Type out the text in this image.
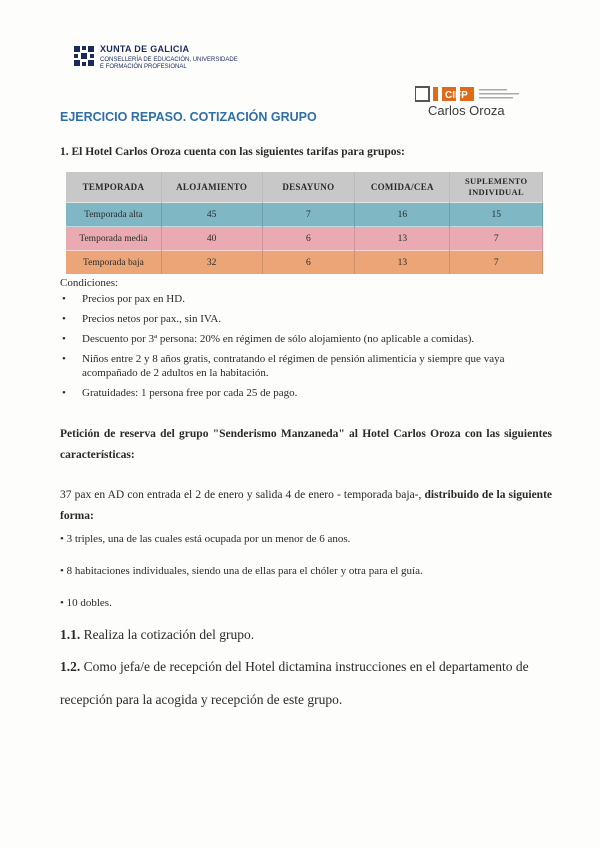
XUNTA DE GALICIA
CONSELLERÍA DE EDUCACIÓN, UNIVERSIDADE
E FORMACIÓN PROFESIONAL
CIFP
Carlos Oroza
EJERCICIO REPASO. COTIZACIÓN GRUPO
1. El Hotel Carlos Oroza cuenta con las siguientes tarifas para grupos:
TEMPORADA	ALOJAMIENTO	DESAYUNO	COMIDA/CEA	SUPLEMENTO INDIVIDUAL
Temporada alta	45	7	16	15
Temporada media	40	6	13	7
Temporada baja	32	6	13	7
Condiciones:
• Precios por pax en HD.
• Precios netos por pax., sin IVA.
• Descuento por 3ª persona: 20% en régimen de sólo alojamiento (no aplicable a comidas).
• Niños entre 2 y 8 años gratis, contratando el régimen de pensión alimenticia y siempre que vaya acompañado de 2 adultos en la habitación.
• Gratuidades: 1 persona free por cada 25 de pago.
Petición de reserva del grupo "Senderismo Manzaneda" al Hotel Carlos Oroza con las siguientes características:
37 pax en AD con entrada el 2 de enero y salida 4 de enero - temporada baja-, distribuido de la siguiente forma:
• 3 triples, una de las cuales está ocupada por un menor de 6 anos.
• 8 habitaciones individuales, siendo una de ellas para el chóler y otra para el guía.
• 10 dobles.
1.1. Realiza la cotización del grupo.
1.2. Como jefa/e de recepción del Hotel dictamina instrucciones en el departamento de recepción para la acogida y recepción de este grupo.
